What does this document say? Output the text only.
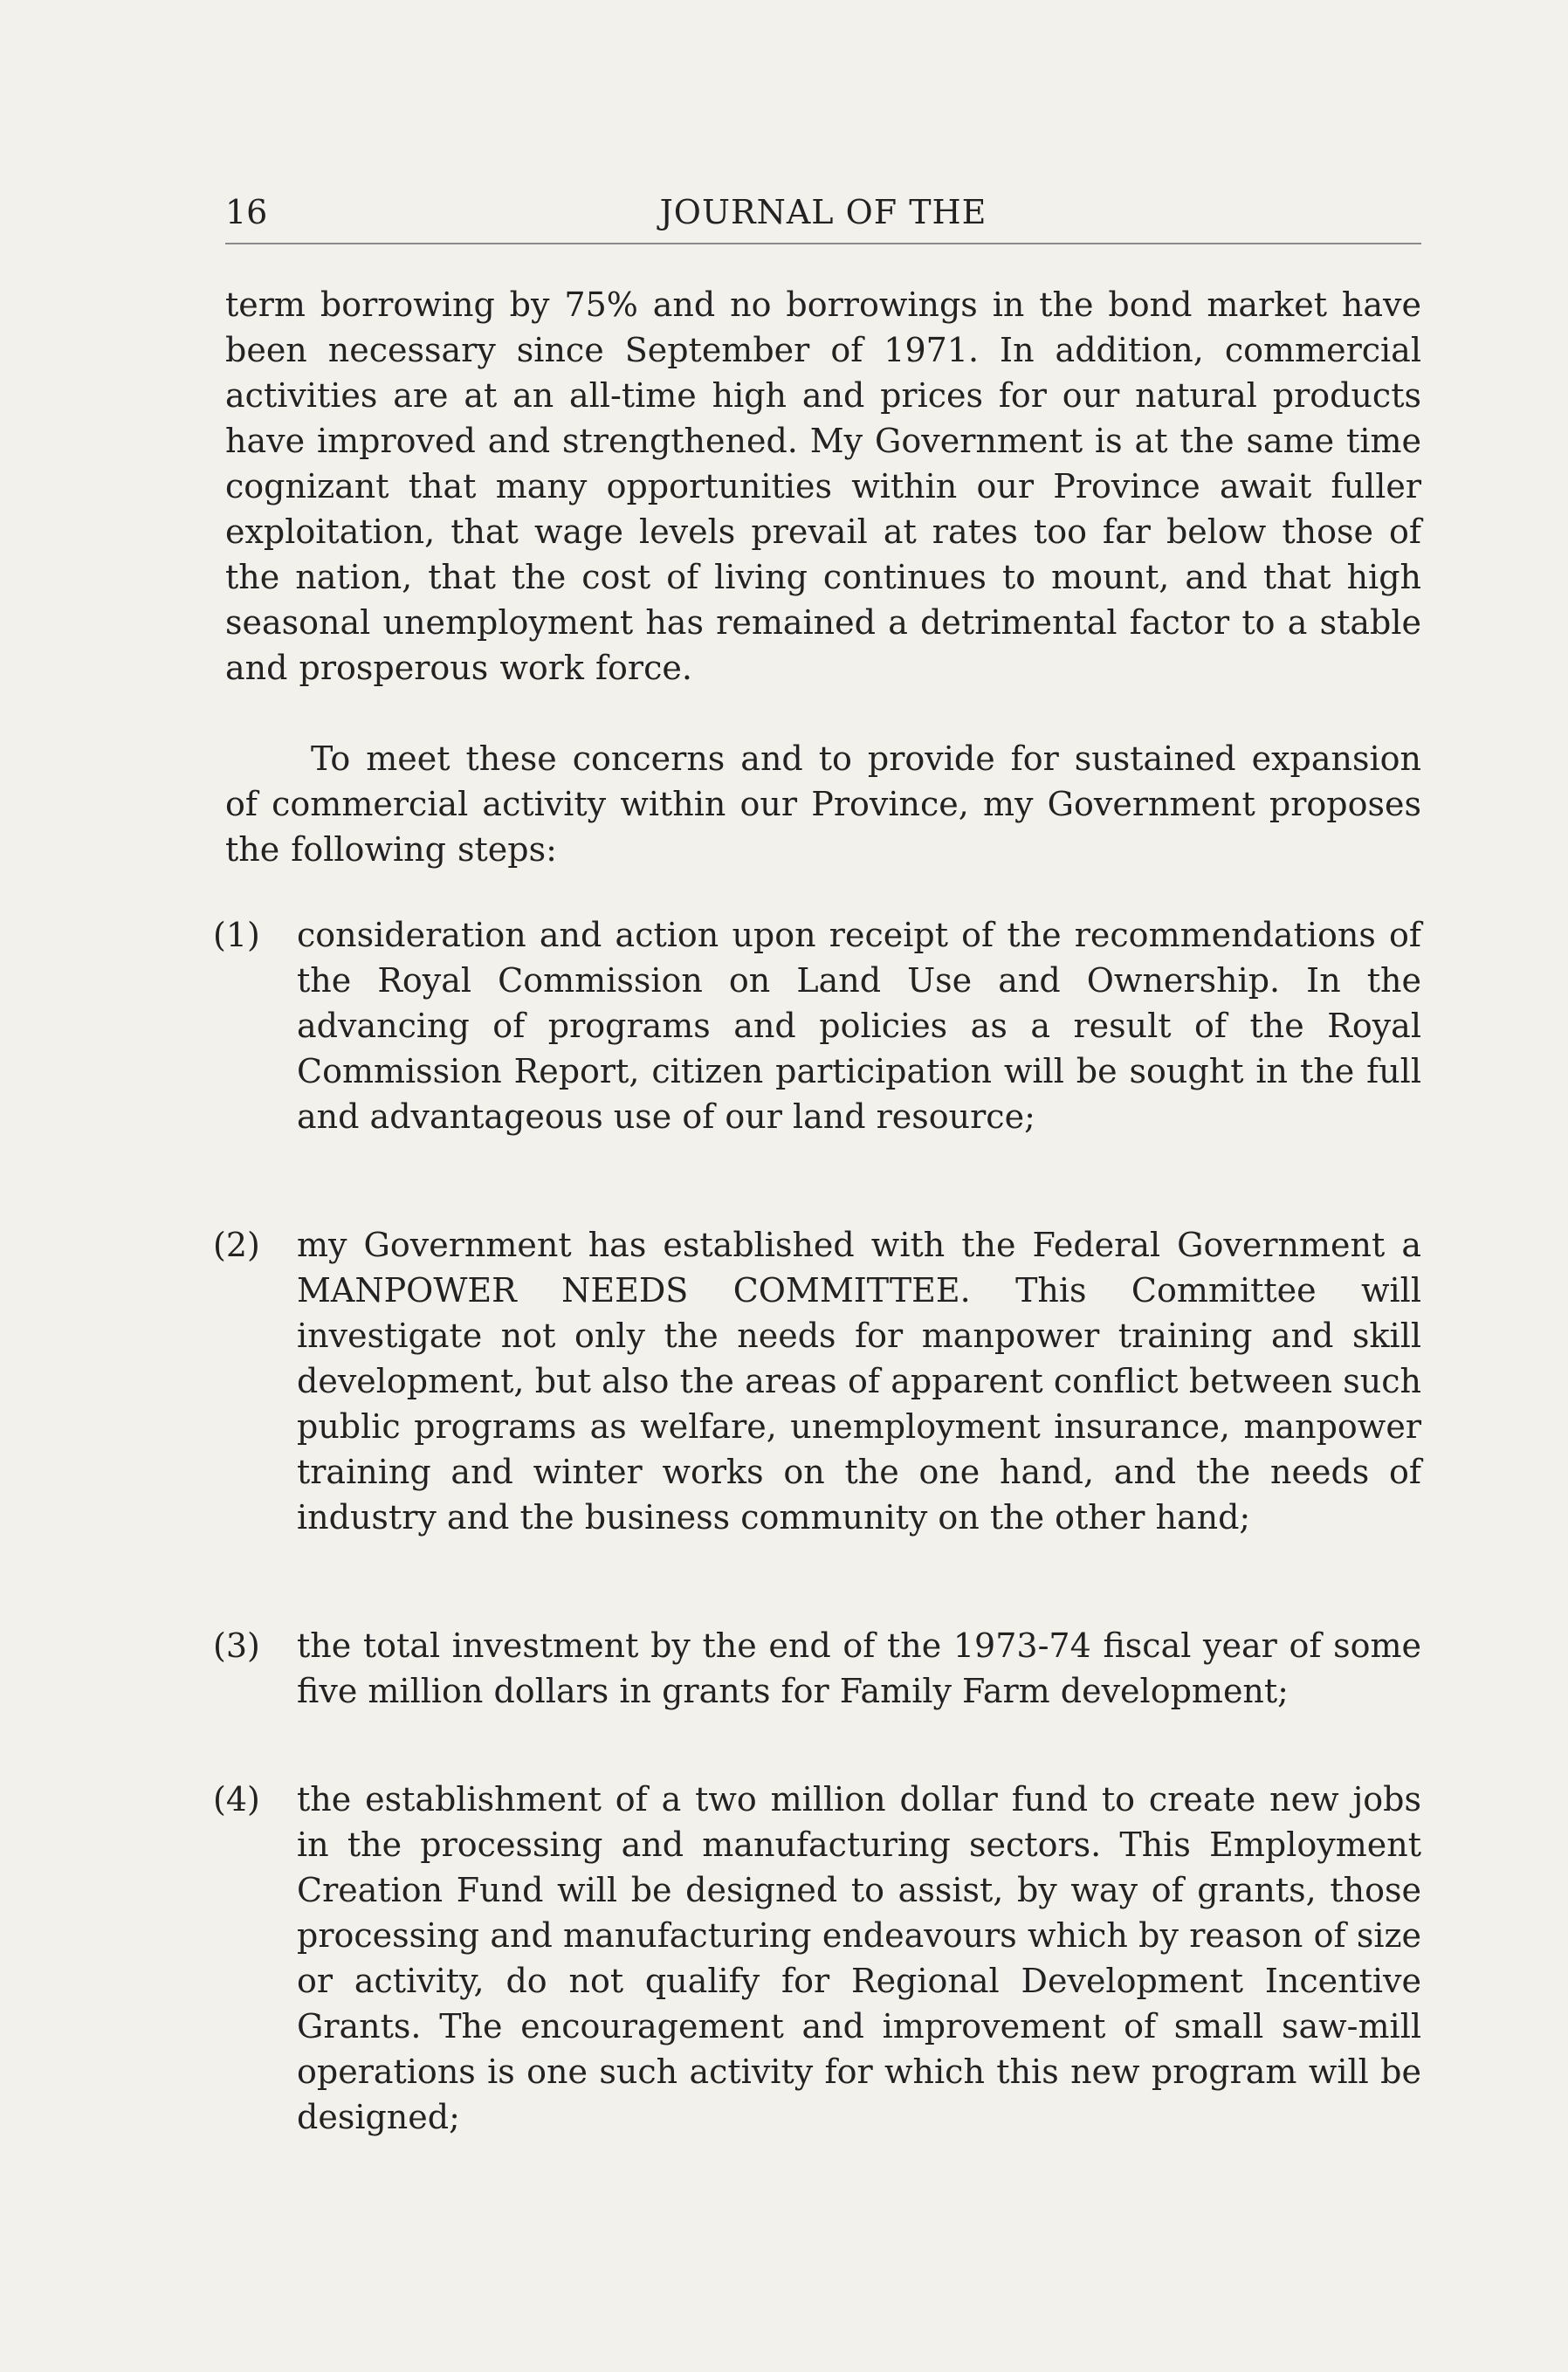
16	JOURNAL OF THE

term borrowing by 75% and no borrowings in the bond market have been necessary since September of 1971. In addition, commercial activities are at an all-time high and prices for our natural products have improved and strengthened. My Government is at the same time cognizant that many opportunities within our Province await fuller exploitation, that wage levels prevail at rates too far below those of the nation, that the cost of living continues to mount, and that high seasonal unemployment has remained a detrimental factor to a stable and prosperous work force.

To meet these concerns and to provide for sustained expansion of commercial activity within our Province, my Government proposes the following steps:

(1) consideration and action upon receipt of the recommendations of the Royal Commission on Land Use and Ownership. In the advancing of programs and policies as a result of the Royal Commission Report, citizen participation will be sought in the full and advantageous use of our land resource;

(2) my Government has established with the Federal Government a MANPOWER NEEDS COMMITTEE. This Committee will investigate not only the needs for manpower training and skill development, but also the areas of apparent conflict between such public programs as welfare, unemployment insurance, manpower training and winter works on the one hand, and the needs of industry and the business community on the other hand;

(3) the total investment by the end of the 1973-74 fiscal year of some five million dollars in grants for Family Farm development;

(4) the establishment of a two million dollar fund to create new jobs in the processing and manufacturing sectors. This Employment Creation Fund will be designed to assist, by way of grants, those processing and manufacturing endeavours which by reason of size or activity, do not qualify for Regional Development Incentive Grants. The encouragement and improvement of small saw-mill operations is one such activity for which this new program will be designed;
